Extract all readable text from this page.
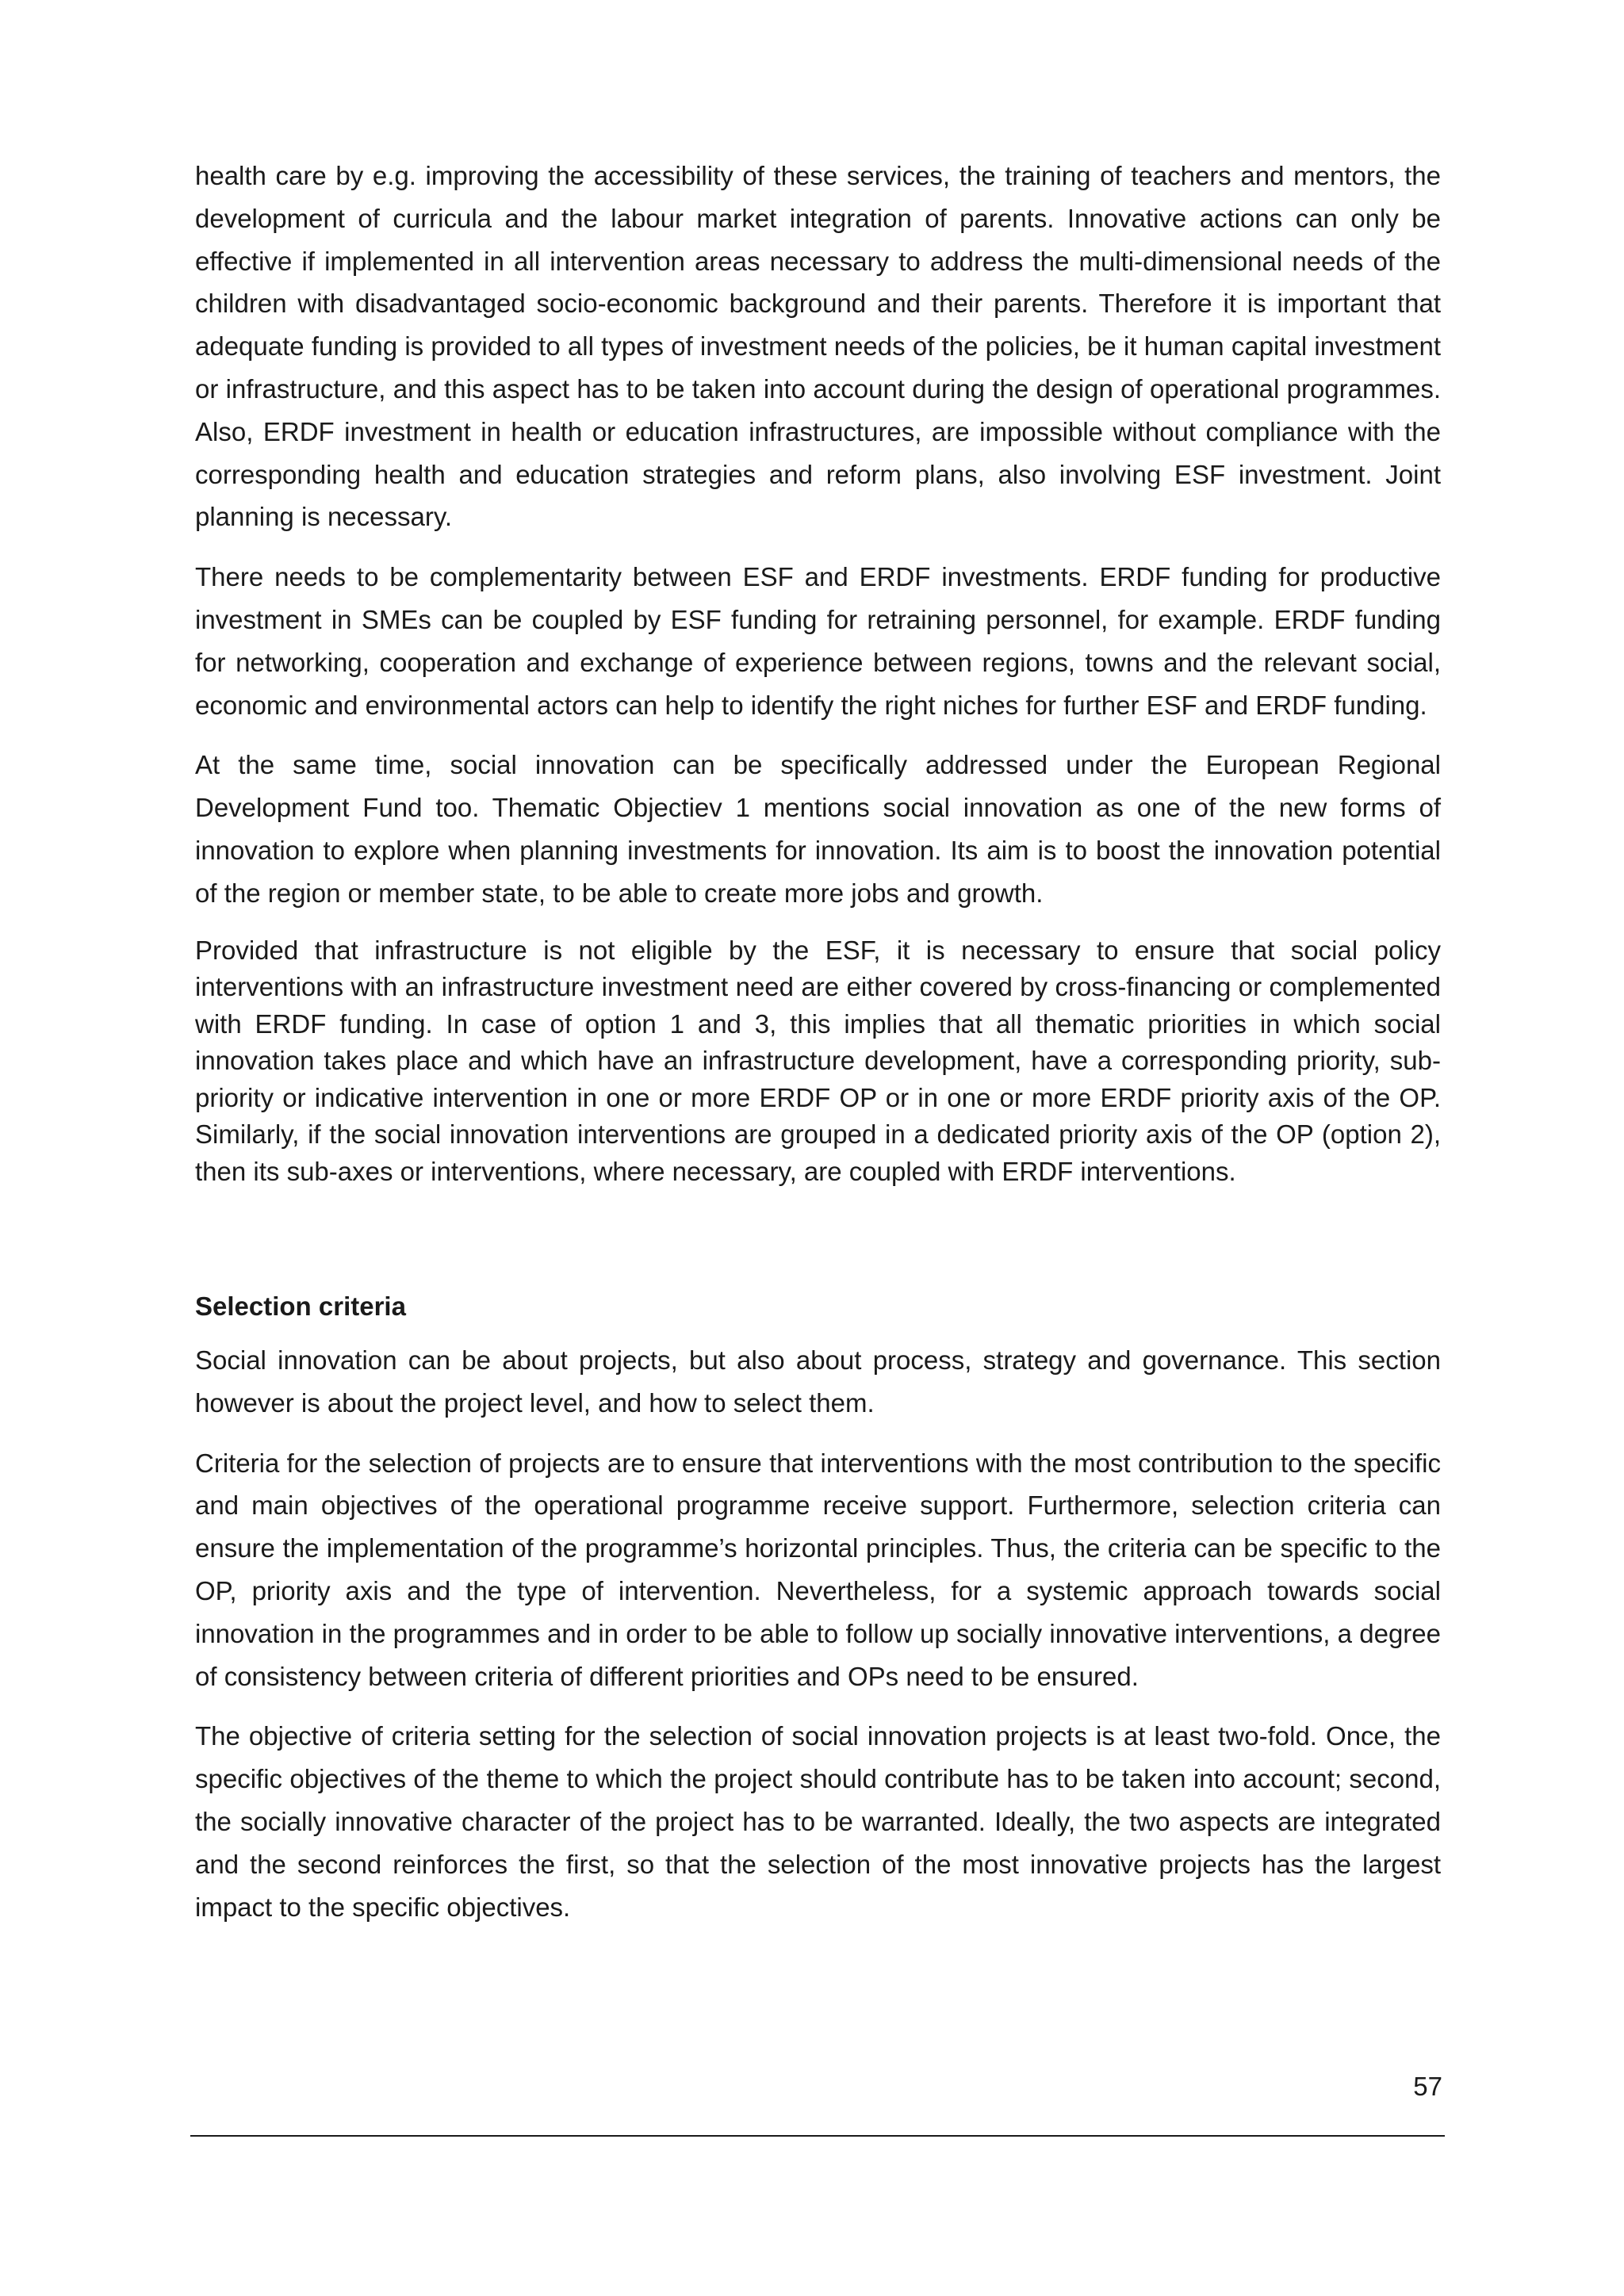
health care by e.g. improving the accessibility of these services, the training of teachers and mentors, the development of curricula and the labour market integration of parents. Innovative actions can only be effective if implemented in all intervention areas necessary to address the multi-dimensional needs of the children with disadvantaged socio-economic background and their parents. Therefore it is important that adequate funding is provided to all types of investment needs of the policies, be it human capital investment or infrastructure, and this aspect has to be taken into account during the design of operational programmes. Also, ERDF investment in health or education infrastructures, are impossible without compliance with the corresponding health and education strategies and reform plans, also involving ESF investment. Joint planning is necessary.

There needs to be complementarity between ESF and ERDF investments. ERDF funding for productive investment in SMEs can be coupled by ESF funding for retraining personnel, for example. ERDF funding for networking, cooperation and exchange of experience between regions, towns and the relevant social, economic and environmental actors can help to identify the right niches for further ESF and ERDF funding.

At the same time, social innovation can be specifically addressed under the European Regional Development Fund too. Thematic Objectiev 1 mentions social innovation as one of the new forms of innovation to explore when planning investments for innovation. Its aim is to boost the innovation potential of the region or member state, to be able to create more jobs and growth.

Provided that infrastructure is not eligible by the ESF, it is necessary to ensure that social policy interventions with an infrastructure investment need are either covered by cross-financing or complemented with ERDF funding. In case of option 1 and 3, this implies that all thematic priorities in which social innovation takes place and which have an infrastructure development, have a corresponding priority, sub-priority or indicative intervention in one or more ERDF OP or in one or more ERDF priority axis of the OP. Similarly, if the social innovation interventions are grouped in a dedicated priority axis of the OP (option 2), then its sub-axes or interventions, where necessary, are coupled with ERDF interventions.

Selection criteria

Social innovation can be about projects, but also about process, strategy and governance. This section however is about the project level, and how to select them.

Criteria for the selection of projects are to ensure that interventions with the most contribution to the specific and main objectives of the operational programme receive support. Furthermore, selection criteria can ensure the implementation of the programme’s horizontal principles. Thus, the criteria can be specific to the OP, priority axis and the type of intervention. Nevertheless, for a systemic approach towards social innovation in the programmes and in order to be able to follow up socially innovative interventions, a degree of consistency between criteria of different priorities and OPs need to be ensured.

The objective of criteria setting for the selection of social innovation projects is at least two-fold. Once, the specific objectives of the theme to which the project should contribute has to be taken into account; second, the socially innovative character of the project has to be warranted. Ideally, the two aspects are integrated and the second reinforces the first, so that the selection of the most innovative projects has the largest impact to the specific objectives.

57
